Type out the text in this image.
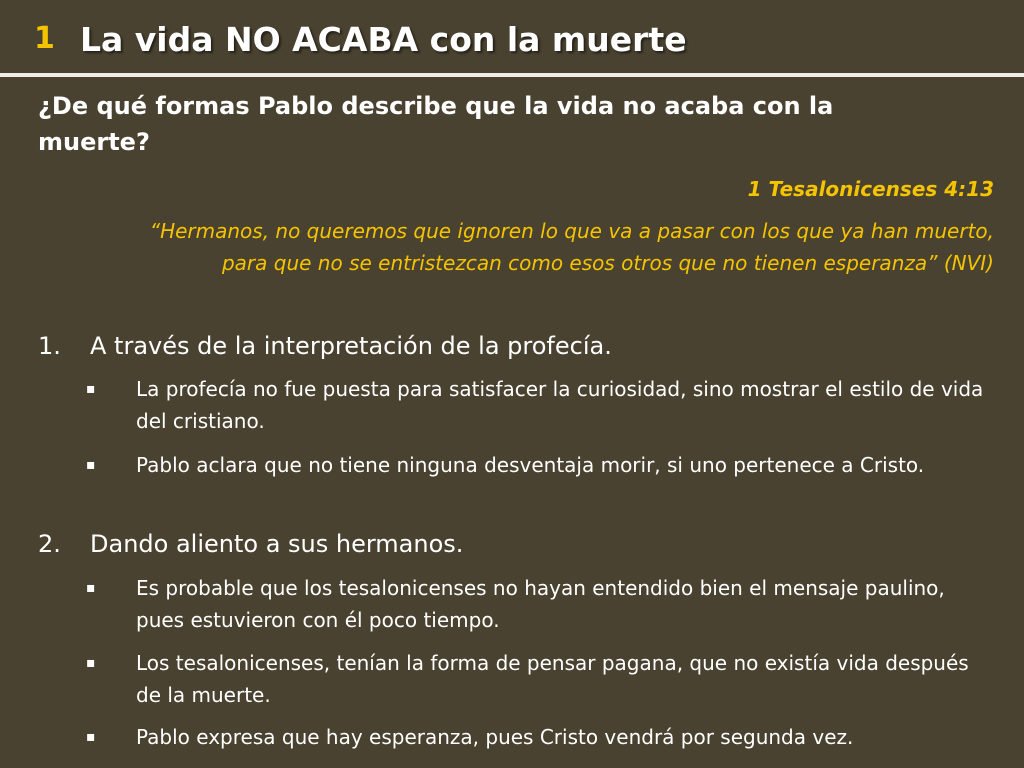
1 La vida NO ACABA con la muerte
¿De qué formas Pablo describe que la vida no acaba con la muerte?
1 Tesalonicenses 4:13
“Hermanos, no queremos que ignoren lo que va a pasar con los que ya han muerto, para que no se entristezcan como esos otros que no tienen esperanza” (NVI)
1. A través de la interpretación de la profecía.
▪ La profecía no fue puesta para satisfacer la curiosidad, sino mostrar el estilo de vida del cristiano.
▪ Pablo aclara que no tiene ninguna desventaja morir, si uno pertenece a Cristo.
2. Dando aliento a sus hermanos.
▪ Es probable que los tesalonicenses no hayan entendido bien el mensaje paulino, pues estuvieron con él poco tiempo.
▪ Los tesalonicenses, tenían la forma de pensar pagana, que no existía vida después de la muerte.
▪ Pablo expresa que hay esperanza, pues Cristo vendrá por segunda vez.
